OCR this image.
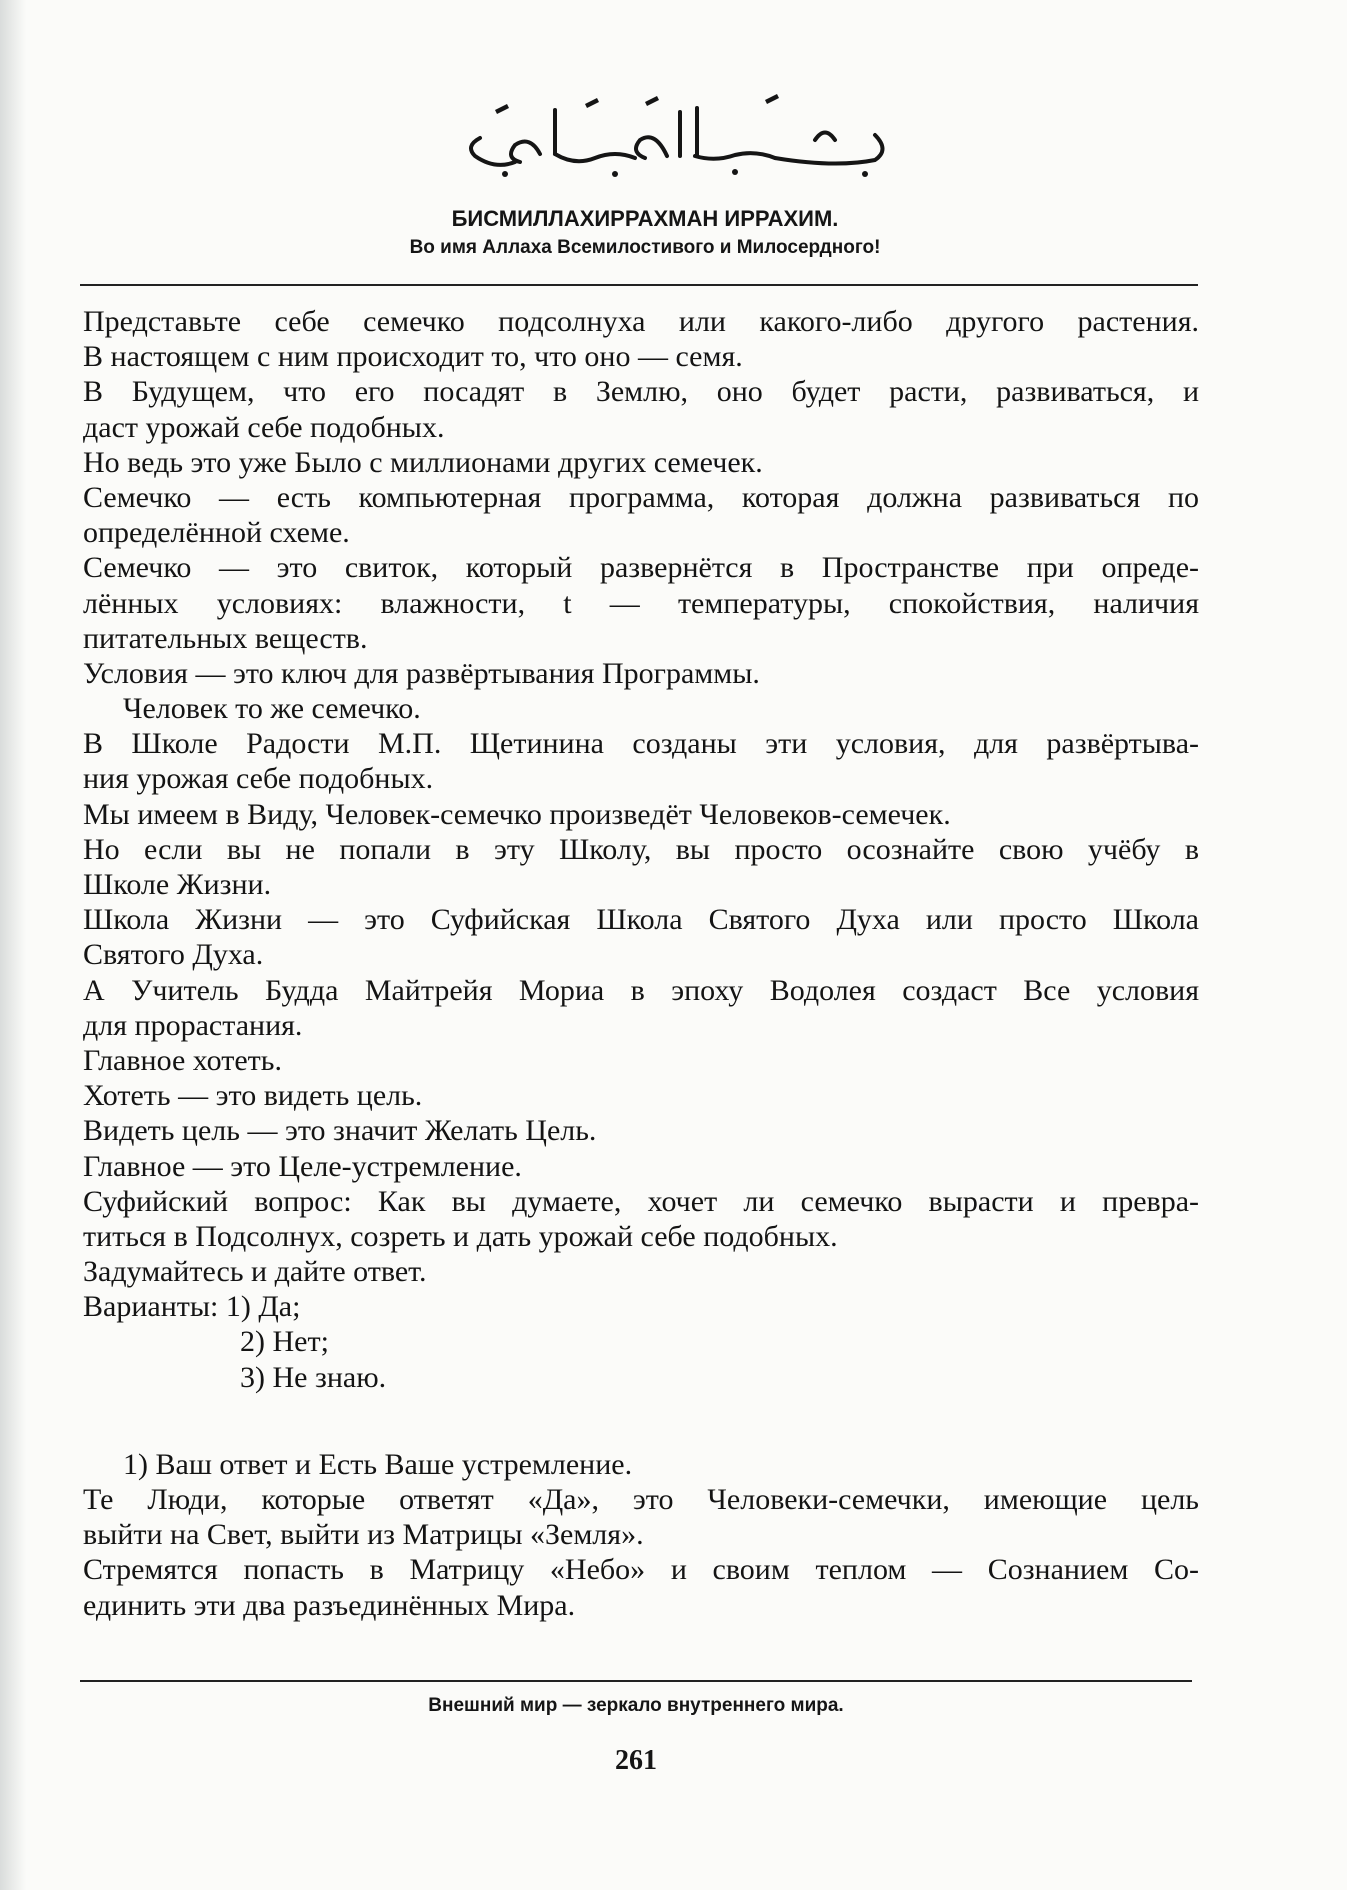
БИСМИЛЛАХИРРАХМАН ИРРАХИМ.
Во имя Аллаха Всемилостивого и Милосердного!
Представьте себе семечко подсолнуха или какого-либо другого растения.
В настоящем с ним происходит то, что оно — семя.
В Будущем, что его посадят в Землю, оно будет расти, развиваться, и
даст урожай себе подобных.
Но ведь это уже Было с миллионами других семечек.
Семечко — есть компьютерная программа, которая должна развиваться по
определённой схеме.
Семечко — это свиток, который развернётся в Пространстве при опреде-
лённых условиях: влажности, t — температуры, спокойствия, наличия
питательных веществ.
Условия — это ключ для развёртывания Программы.
Человек то же семечко.
В Школе Радости М.П. Щетинина созданы эти условия, для развёртыва-
ния урожая себе подобных.
Мы имеем в Виду, Человек-семечко произведёт Человеков-семечек.
Но если вы не попали в эту Школу, вы просто осознайте свою учёбу в
Школе Жизни.
Школа Жизни — это Суфийская Школа Святого Духа или просто Школа
Святого Духа.
А Учитель Будда Майтрейя Мориа в эпоху Водолея создаст Все условия
для прорастания.
Главное хотеть.
Хотеть — это видеть цель.
Видеть цель — это значит Желать Цель.
Главное — это Целе-устремление.
Суфийский вопрос: Как вы думаете, хочет ли семечко вырасти и превра-
титься в Подсолнух, созреть и дать урожай себе подобных.
Задумайтесь и дайте ответ.
Варианты: 1) Да;
2) Нет;
3) Не знаю.
1) Ваш ответ и Есть Ваше устремление.
Те Люди, которые ответят «Да», это Человеки-семечки, имеющие цель
выйти на Свет, выйти из Матрицы «Земля».
Стремятся попасть в Матрицу «Небо» и своим теплом — Сознанием Со-
единить эти два разъединённых Мира.
Внешний мир — зеркало внутреннего мира.
261
